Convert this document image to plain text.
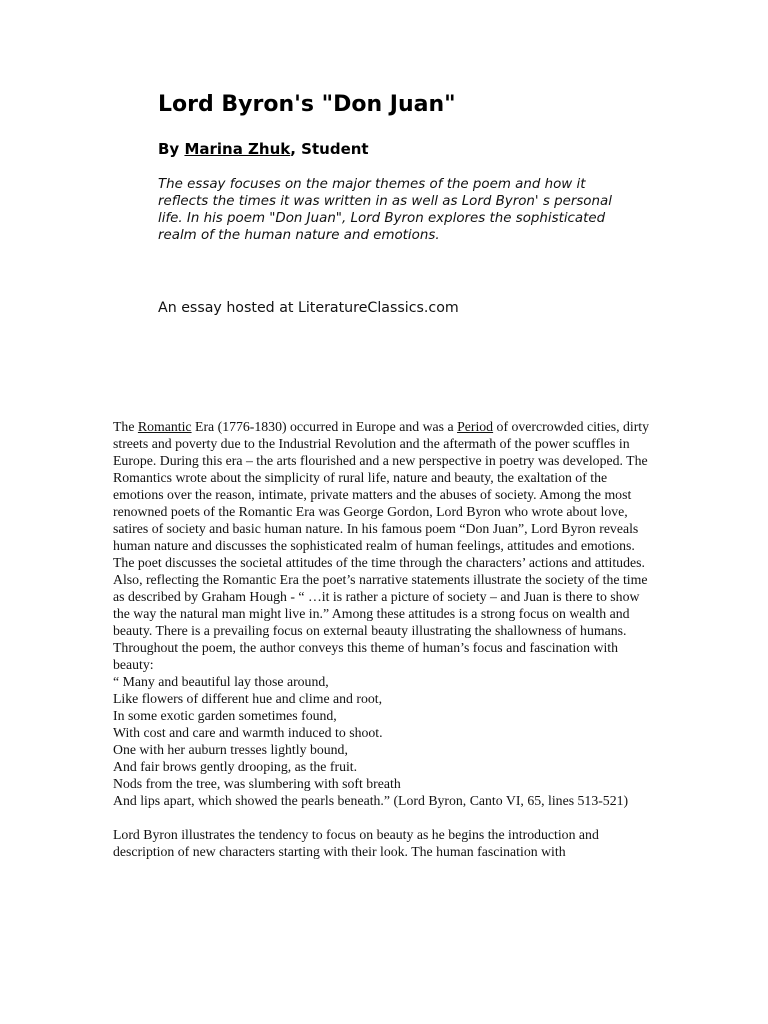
Lord Byron's "Don Juan"

By Marina Zhuk, Student

The essay focuses on the major themes of the poem and how it reflects the times it was written in as well as Lord Byron' s personal life. In his poem "Don Juan", Lord Byron explores the sophisticated realm of the human nature and emotions.

An essay hosted at LiteratureClassics.com

The Romantic Era (1776-1830) occurred in Europe and was a Period of overcrowded cities, dirty streets and poverty due to the Industrial Revolution and the aftermath of the power scuffles in Europe. During this era – the arts flourished and a new perspective in poetry was developed. The Romantics wrote about the simplicity of rural life, nature and beauty, the exaltation of the emotions over the reason, intimate, private matters and the abuses of society. Among the most renowned poets of the Romantic Era was George Gordon, Lord Byron who wrote about love, satires of society and basic human nature. In his famous poem “Don Juan”, Lord Byron reveals human nature and discusses the sophisticated realm of human feelings, attitudes and emotions.

The poet discusses the societal attitudes of the time through the characters’ actions and attitudes. Also, reflecting the Romantic Era the poet’s narrative statements illustrate the society of the time as described by Graham Hough - “ …it is rather a picture of society – and Juan is there to show the way the natural man might live in.” Among these attitudes is a strong focus on wealth and beauty. There is a prevailing focus on external beauty illustrating the shallowness of humans. Throughout the poem, the author conveys this theme of human’s focus and fascination with beauty:

“ Many and beautiful lay those around,

Like flowers of different hue and clime and root,

In some exotic garden sometimes found,

With cost and care and warmth induced to shoot.

One with her auburn tresses lightly bound,

And fair brows gently drooping, as the fruit.

Nods from the tree, was slumbering with soft breath

And lips apart, which showed the pearls beneath.” (Lord Byron, Canto VI, 65, lines 513-521)

Lord Byron illustrates the tendency to focus on beauty as he begins the introduction and description of new characters starting with their look. The human fascination with
